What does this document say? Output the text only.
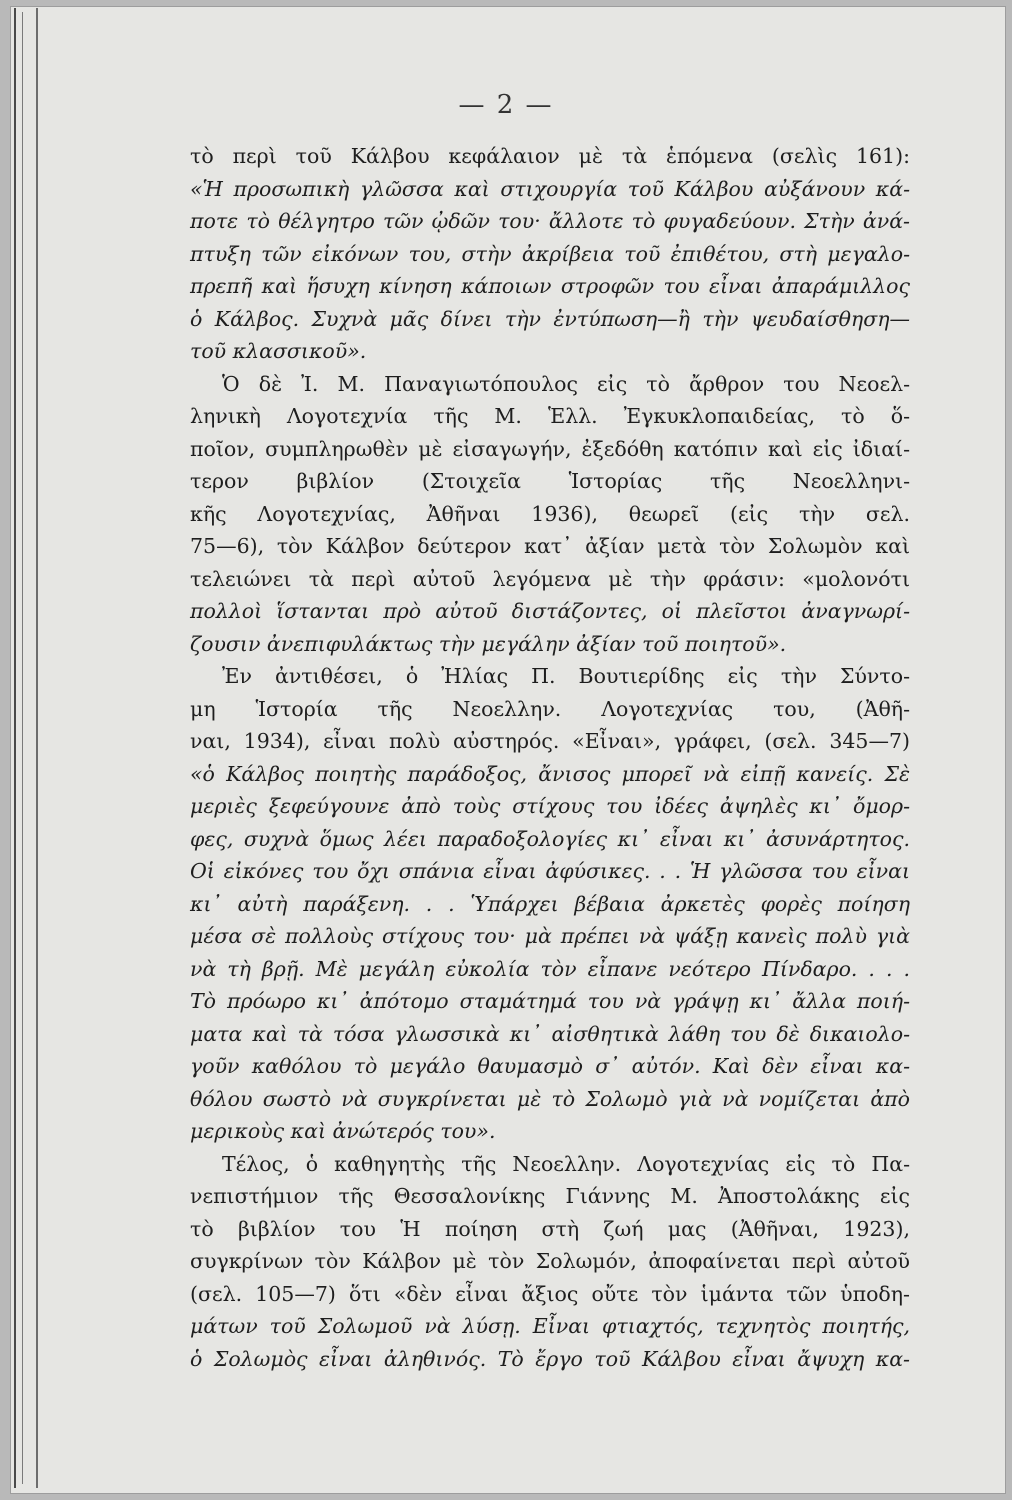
— 2 —
τὸ περὶ τοῦ Κάλβου κεφάλαιον μὲ τὰ ἑπόμενα (σελὶς 161):
«Ἡ προσωπικὴ γλῶσσα καὶ στιχουργία τοῦ Κάλβου αὐξάνουν κά-
ποτε τὸ θέλγητρο τῶν ᾠδῶν του· ἄλλοτε τὸ φυγαδεύουν. Στὴν ἀνά-
πτυξη τῶν εἰκόνων του, στὴν ἀκρίβεια τοῦ ἐπιθέτου, στὴ μεγαλο-
πρεπῆ καὶ ἥσυχη κίνηση κάποιων στροφῶν του εἶναι ἀπαράμιλλος
ὁ Κάλβος. Συχνὰ μᾶς δίνει τὴν ἐντύπωση—ἢ τὴν ψευδαίσθηση—
τοῦ κλασσικοῦ».
Ὁ δὲ Ἰ. Μ. Παναγιωτόπουλος εἰς τὸ ἄρθρον του Νεοελ-
ληνικὴ Λογοτεχνία τῆς Μ. Ἑλλ. Ἐγκυκλοπαιδείας, τὸ ὅ-
ποῖον, συμπληρωθὲν μὲ εἰσαγωγήν, ἐξεδόθη κατόπιν καὶ εἰς ἰδιαί-
τερον βιβλίον (Στοιχεῖα Ἱστορίας τῆς Νεοελληνι-
κῆς Λογοτεχνίας, Ἀθῆναι 1936), θεωρεῖ (εἰς τὴν σελ.
75—6), τὸν Κάλβον δεύτερον κατ᾽ ἀξίαν μετὰ τὸν Σολωμὸν καὶ
τελειώνει τὰ περὶ αὐτοῦ λεγόμενα μὲ τὴν φράσιν: «μολονότι
πολλοὶ ἵστανται πρὸ αὐτοῦ διστάζοντες, οἱ πλεῖστοι ἀναγνωρί-
ζουσιν ἀνεπιφυλάκτως τὴν μεγάλην ἀξίαν τοῦ ποιητοῦ».
Ἐν ἀντιθέσει, ὁ Ἠλίας Π. Βουτιερίδης εἰς τὴν Σύντο-
μη Ἱστορία τῆς Νεοελλην. Λογοτεχνίας του, (Ἀθῆ-
ναι, 1934), εἶναι πολὺ αὐστηρός. «Εἶναι», γράφει, (σελ. 345—7)
«ὁ Κάλβος ποιητὴς παράδοξος, ἄνισος μπορεῖ νὰ εἰπῇ κανείς. Σὲ
μεριὲς ξεφεύγουνε ἀπὸ τοὺς στίχους του ἰδέες ἀψηλὲς κι᾽ ὄμορ-
φες, συχνὰ ὅμως λέει παραδοξολογίες κι᾽ εἶναι κι᾽ ἀσυνάρτητος.
Οἱ εἰκόνες του ὄχι σπάνια εἶναι ἀφύσικες. . . Ἡ γλῶσσα του εἶναι
κι᾽ αὐτὴ παράξενη. . . Ὑπάρχει βέβαια ἀρκετὲς φορὲς ποίηση
μέσα σὲ πολλοὺς στίχους του· μὰ πρέπει νὰ ψάξῃ κανεὶς πολὺ γιὰ
νὰ τὴ βρῇ. Μὲ μεγάλη εὐκολία τὸν εἶπανε νεότερο Πίνδαρο. . . .
Τὸ πρόωρο κι᾽ ἀπότομο σταμάτημά του νὰ γράψῃ κι᾽ ἄλλα ποιή-
ματα καὶ τὰ τόσα γλωσσικὰ κι᾽ αἰσθητικὰ λάθη του δὲ δικαιολο-
γοῦν καθόλου τὸ μεγάλο θαυμασμὸ σ᾽ αὐτόν. Καὶ δὲν εἶναι κα-
θόλου σωστὸ νὰ συγκρίνεται μὲ τὸ Σολωμὸ γιὰ νὰ νομίζεται ἀπὸ
μερικοὺς καὶ ἀνώτερός του».
Τέλος, ὁ καθηγητὴς τῆς Νεοελλην. Λογοτεχνίας εἰς τὸ Πα-
νεπιστήμιον τῆς Θεσσαλονίκης Γιάννης Μ. Ἀποστολάκης εἰς
τὸ βιβλίον του Ἡ ποίηση στὴ ζωή μας (Ἀθῆναι, 1923),
συγκρίνων τὸν Κάλβον μὲ τὸν Σολωμόν, ἀποφαίνεται περὶ αὐτοῦ
(σελ. 105—7) ὅτι «δὲν εἶναι ἄξιος οὔτε τὸν ἱμάντα τῶν ὑποδη-
μάτων τοῦ Σολωμοῦ νὰ λύσῃ. Εἶναι φτιαχτός, τεχνητὸς ποιητής,
ὁ Σολωμὸς εἶναι ἀληθινός. Τὸ ἔργο τοῦ Κάλβου εἶναι ἄψυχη κα-
